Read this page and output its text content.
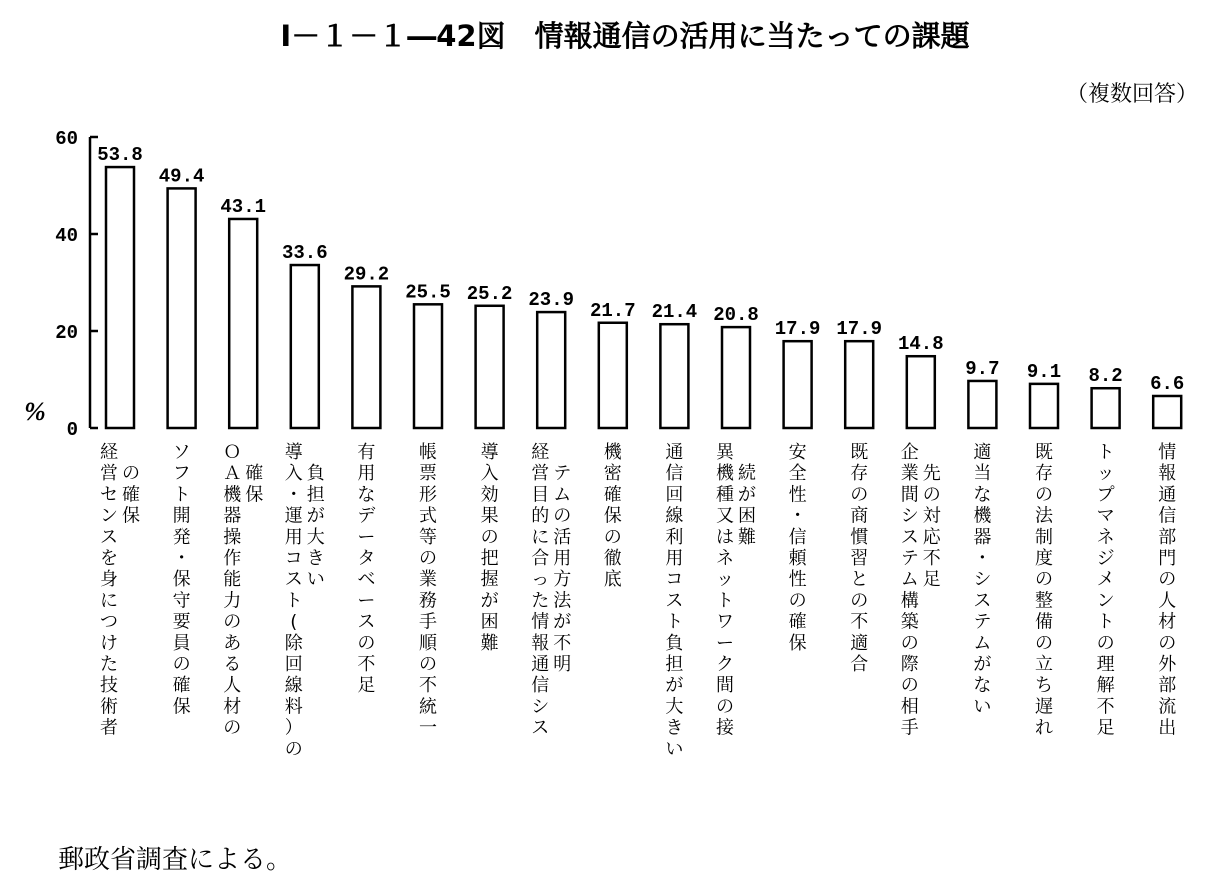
Ⅰ－１－１―42図　情報通信の活用に当たっての課題
（複数回答）
0
20
40
60
%
53.8
49.4
43.1
33.6
29.2
25.5 25.2 23.9 21.7 21.4 20.8
17.9 17.9
14.8
9.7 9.1 8.2 6.6
経営センスを身につけた技術者
の確保
ソフト開発・保守要員の確保
ＯＡ機器操作能力のある人材の
確保
導入・運用コスト(除回線料）の
負担が大きい
有用なデータベースの不足
帳票形式等の業務手順の不統一
導入効果の把握が困難
経営目的に合った情報通信シス
テムの活用方法が不明
機密確保の徹底
通信回線利用コスト負担が大きい
異機種又はネットワーク間の接
続が困難
安全性・信頼性の確保
既存の商慣習との不適合
企業間システム構築の際の相手
先の対応不足
適当な機器・システムがない
既存の法制度の整備の立ち遅れ
トップマネジメントの理解不足
情報通信部門の人材の外部流出
郵政省調査による。
